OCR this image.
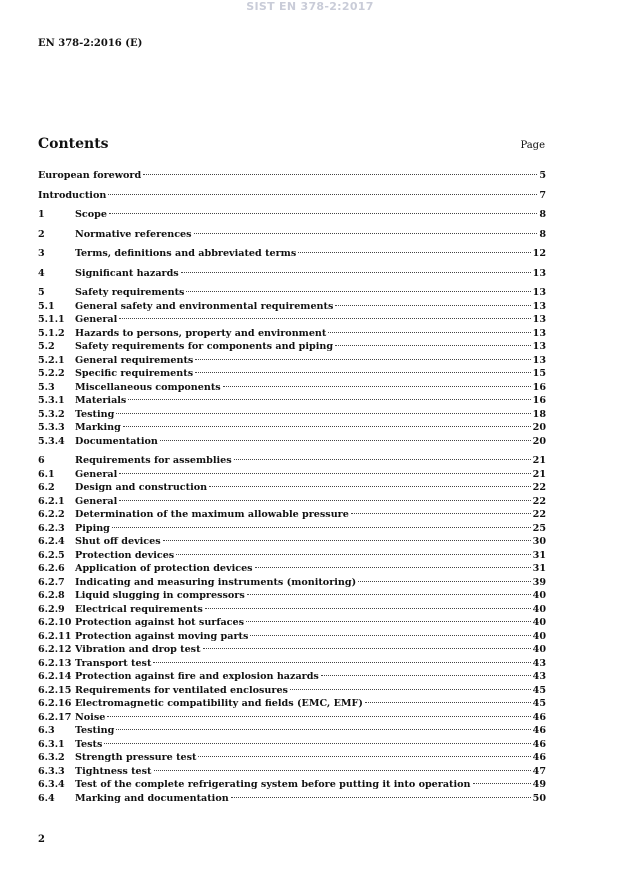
SIST EN 378-2:2017
EN 378-2:2016 (E)
Contents	Page
European foreword	5
Introduction	7
1	Scope	8
2	Normative references	8
3	Terms, definitions and abbreviated terms	12
4	Significant hazards	13
5	Safety requirements	13
5.1	General safety and environmental requirements	13
5.1.1	General	13
5.1.2	Hazards to persons, property and environment	13
5.2	Safety requirements for components and piping	13
5.2.1	General requirements	13
5.2.2	Specific requirements	15
5.3	Miscellaneous components	16
5.3.1	Materials	16
5.3.2	Testing	18
5.3.3	Marking	20
5.3.4	Documentation	20
6	Requirements for assemblies	21
6.1	General	21
6.2	Design and construction	22
6.2.1	General	22
6.2.2	Determination of the maximum allowable pressure	22
6.2.3	Piping	25
6.2.4	Shut off devices	30
6.2.5	Protection devices	31
6.2.6	Application of protection devices	31
6.2.7	Indicating and measuring instruments (monitoring)	39
6.2.8	Liquid slugging in compressors	40
6.2.9	Electrical requirements	40
6.2.10 Protection against hot surfaces	40
6.2.11 Protection against moving parts	40
6.2.12 Vibration and drop test	40
6.2.13 Transport test	43
6.2.14 Protection against fire and explosion hazards	43
6.2.15 Requirements for ventilated enclosures	45
6.2.16 Electromagnetic compatibility and fields (EMC, EMF)	45
6.2.17 Noise	46
6.3	Testing	46
6.3.1	Tests	46
6.3.2	Strength pressure test	46
6.3.3	Tightness test	47
6.3.4	Test of the complete refrigerating system before putting it into operation	49
6.4	Marking and documentation	50
2
